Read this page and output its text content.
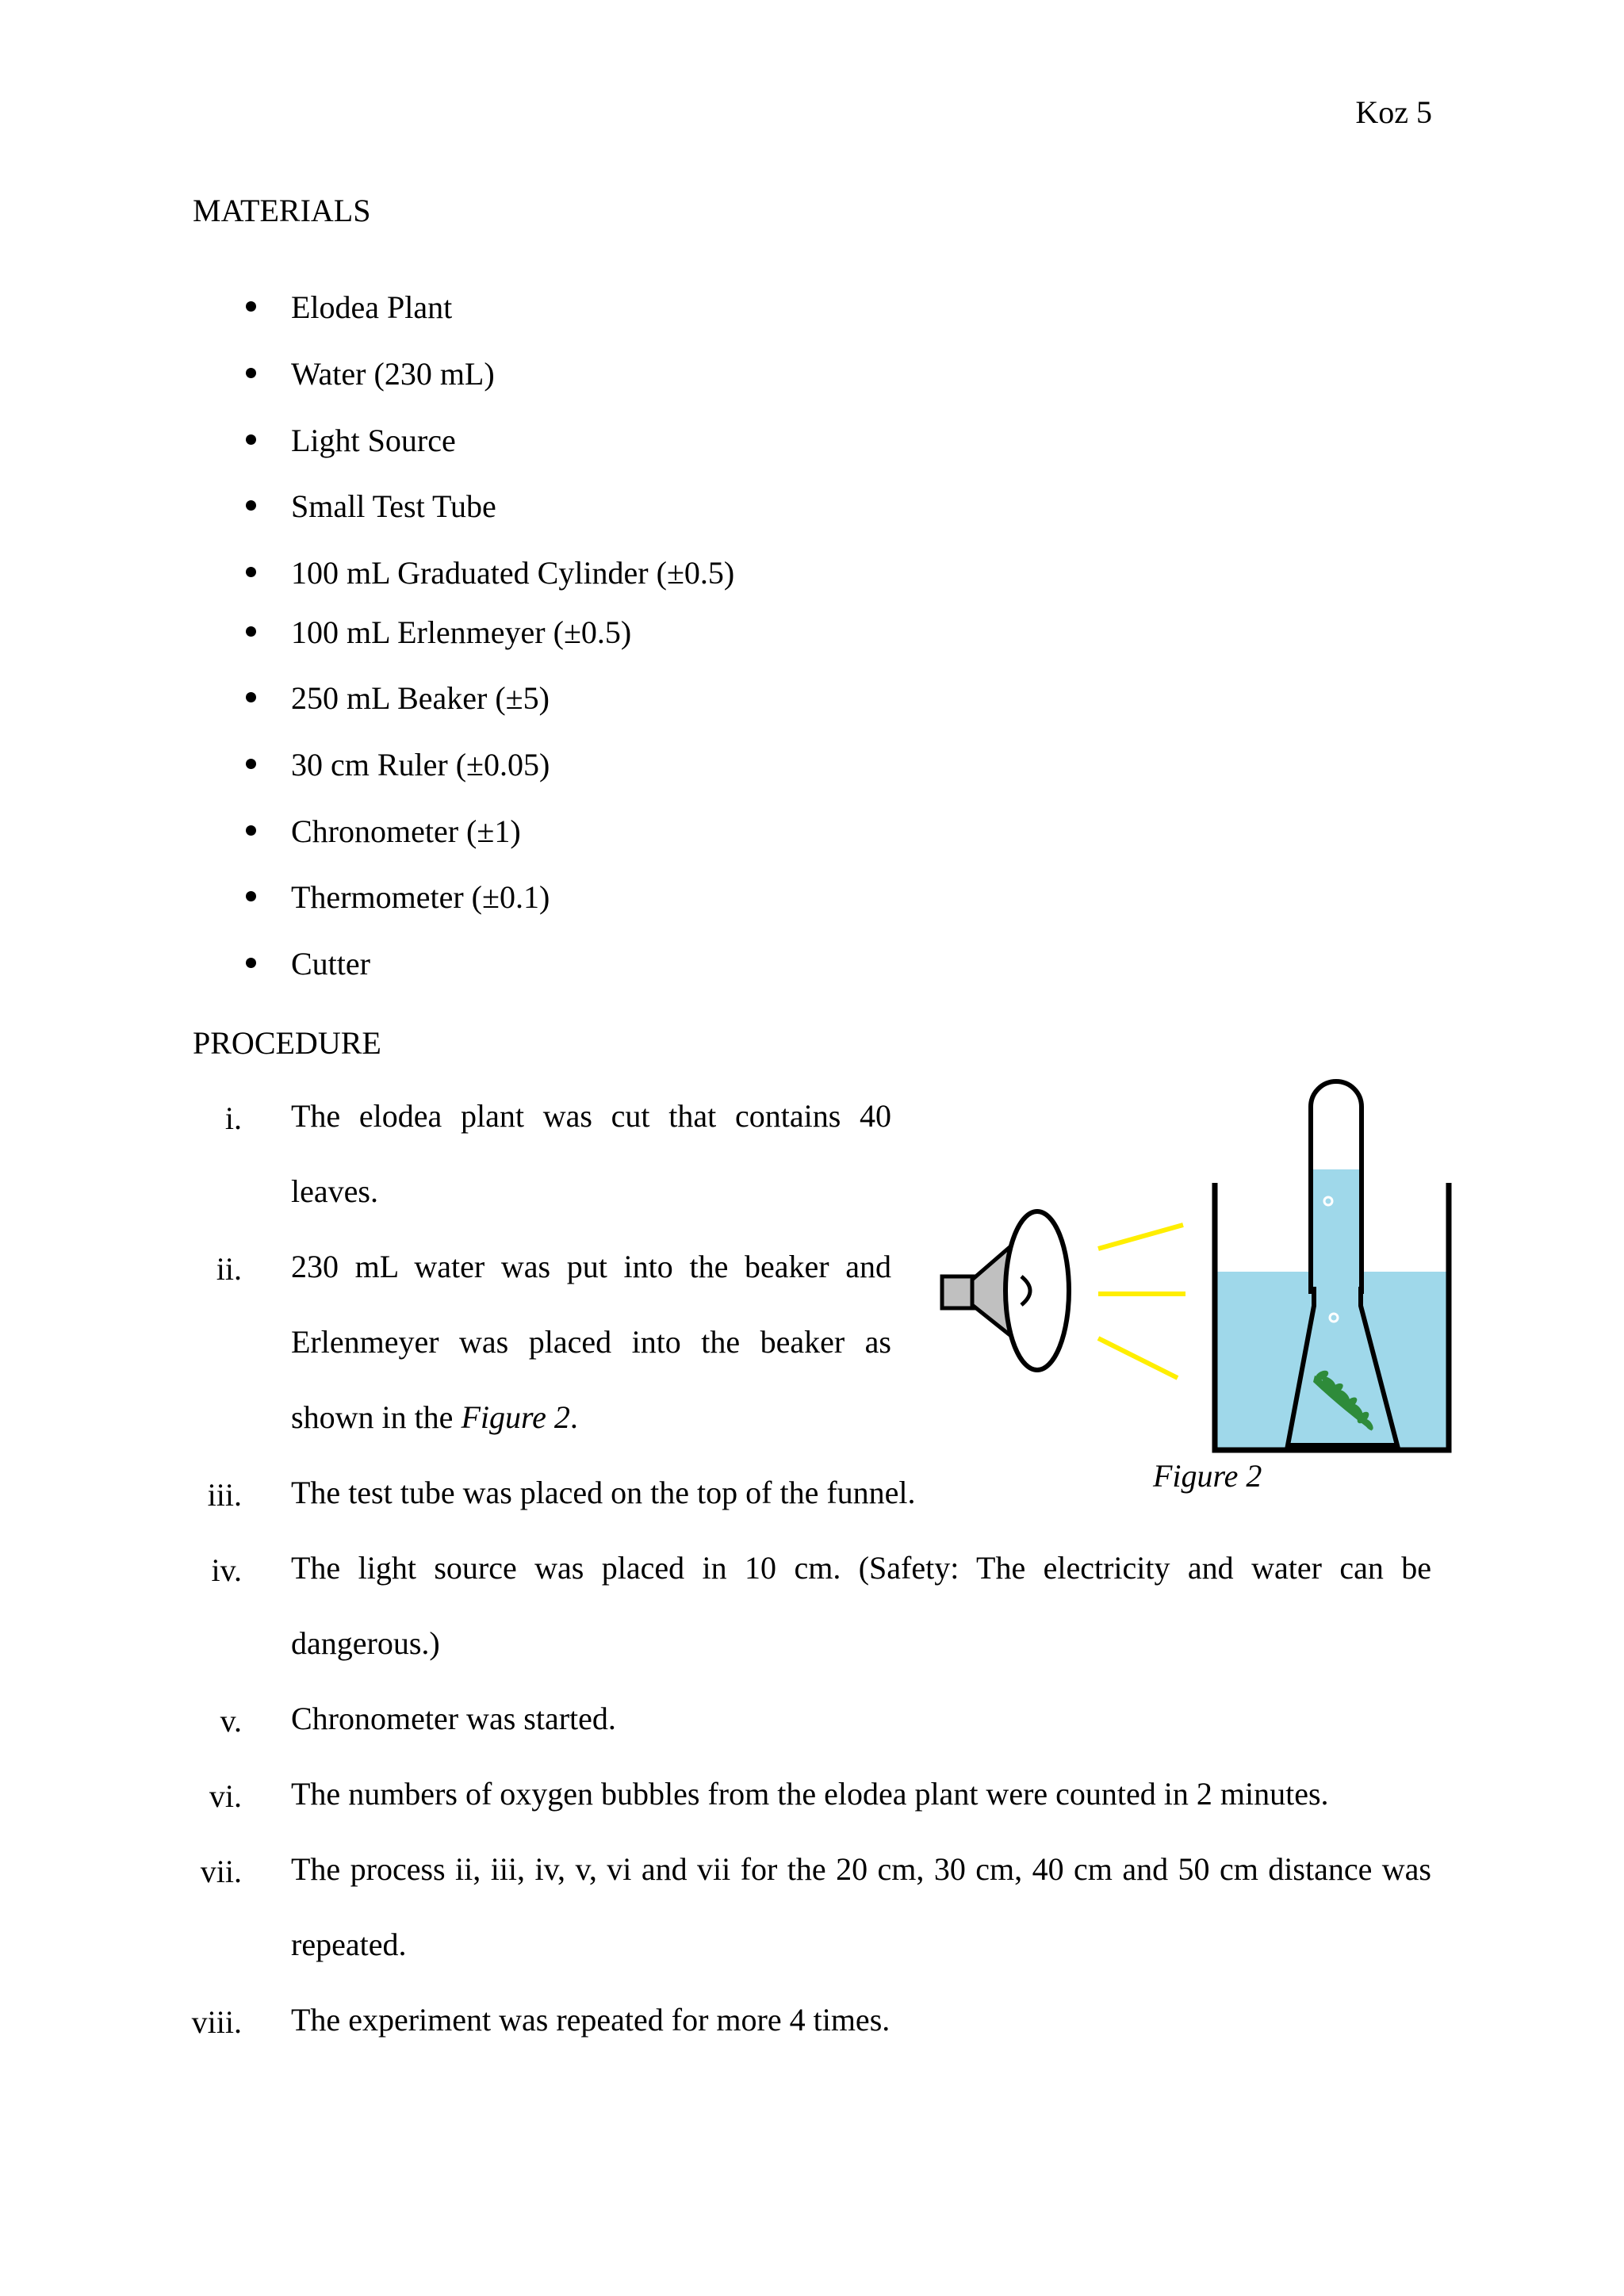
Koz 5
MATERIALS
Elodea Plant
Water (230 mL)
Light Source
Small Test Tube
100 mL Graduated Cylinder (±0.5)
100 mL Erlenmeyer (±0.5)
250 mL Beaker (±5)
30 cm Ruler (±0.05)
Chronometer (±1)
Thermometer (±0.1)
Cutter
PROCEDURE
i. The elodea plant was cut that contains 40 leaves.
ii. 230 mL water was put into the beaker and Erlenmeyer was placed into the beaker as shown in the Figure 2.
iii. The test tube was placed on the top of the funnel.
iv. The light source was placed in 10 cm. (Safety: The electricity and water can be dangerous.)
v. Chronometer was started.
vi. The numbers of oxygen bubbles from the elodea plant were counted in 2 minutes.
vii. The process ii, iii, iv, v, vi and vii for the 20 cm, 30 cm, 40 cm and 50 cm distance was repeated.
viii. The experiment was repeated for more 4 times.
Figure 2
